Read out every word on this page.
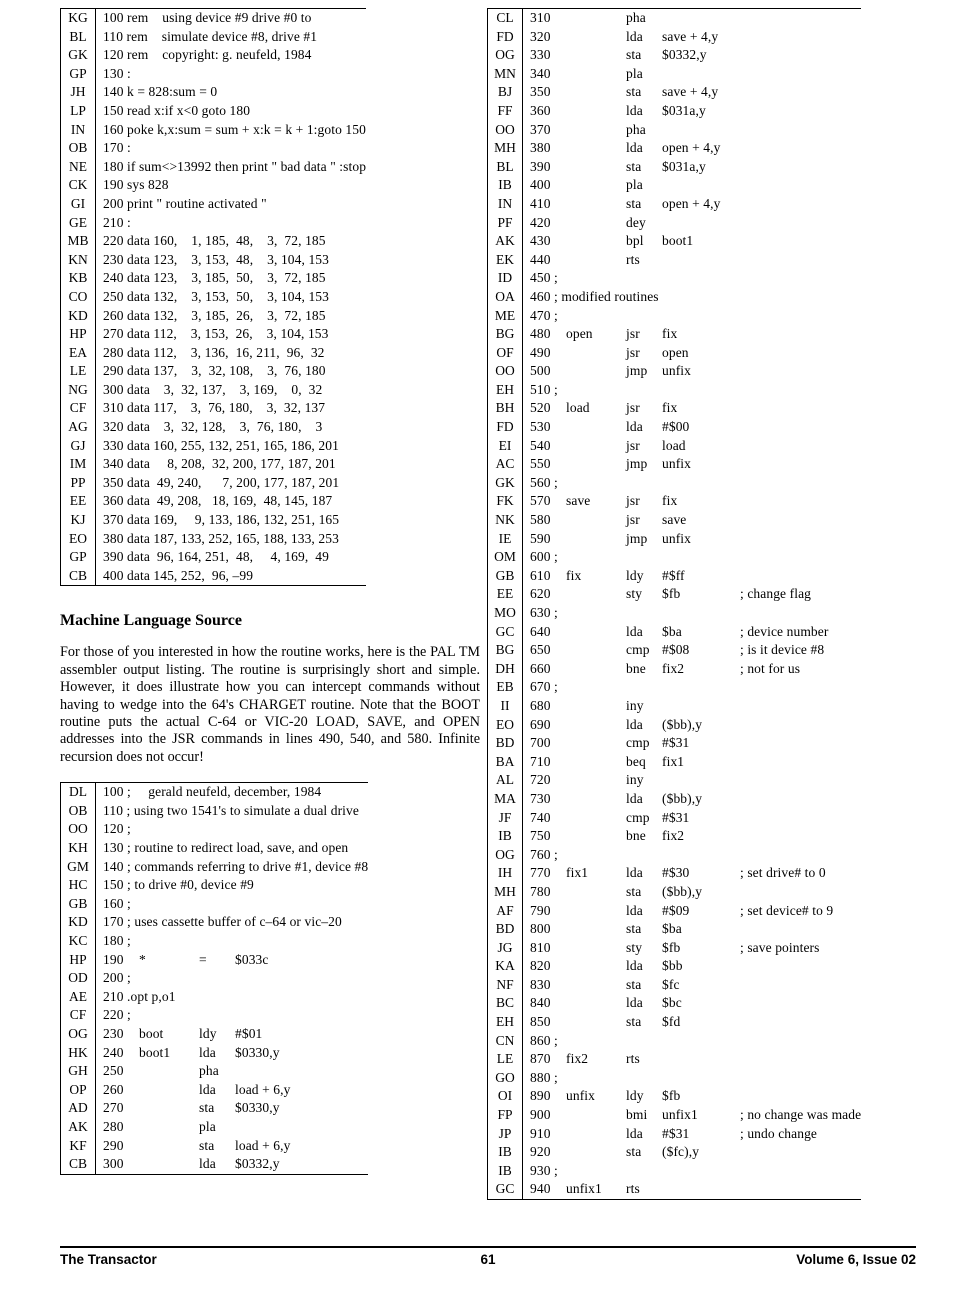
KG	100 rem    using device #9 drive #0 to
BL	110 rem    simulate device #8, drive #1
GK	120 rem    copyright: g. neufeld, 1984
GP	130 :
JH	140 k = 828:sum = 0
LP	150 read x:if x<0 goto 180
IN	160 poke k,x:sum = sum + x:k = k + 1:goto 150
OB	170 :
NE	180 if sum<>13992 then print " bad data " :stop
CK	190 sys 828
GI	200 print " routine activated "
GE	210 :
MB	220 data 160,    1, 185,  48,    3,  72, 185
KN	230 data 123,    3, 153,  48,    3, 104, 153
KB	240 data 123,    3, 185,  50,    3,  72, 185
CO	250 data 132,    3, 153,  50,    3, 104, 153
KD	260 data 132,    3, 185,  26,    3,  72, 185
HP	270 data 112,    3, 153,  26,    3, 104, 153
EA	280 data 112,    3, 136,  16, 211,  96,  32
LE	290 data 137,    3,  32, 108,    3,  76, 180
NG	300 data    3,  32, 137,    3, 169,    0,  32
CF	310 data 117,    3,  76, 180,    3,  32, 137
AG	320 data    3,  32, 128,    3,  76, 180,    3
GJ	330 data 160, 255, 132, 251, 165, 186, 201
IM	340 data     8, 208,  32, 200, 177, 187, 201
PP	350 data  49, 240,      7, 200, 177, 187, 201
EE	360 data  49, 208,   18, 169,  48, 145, 187
KJ	370 data 169,     9, 133, 186, 132, 251, 165
EO	380 data 187, 133, 252, 165, 188, 133, 253
GP	390 data  96, 164, 251,  48,     4, 169,  49
CB	400 data 145, 252,  96, –99
Machine Language Source

For those of you interested in how the routine works, here is the PAL TM assembler output listing. The routine is surprisingly short and simple. However, it does illustrate how you can intercept commands without having to wedge into the 64's CHARGET routine. Note that the BOOT routine puts the actual C-64 or VIC-20 LOAD, SAVE, and OPEN addresses into the JSR commands in lines 490, 540, and 580. Infinite recursion does not occur!

DL	100 ;     gerald neufeld, december, 1984
OB	110 ; using two 1541's to simulate a dual drive
OO	120 ;
KH	130 ; routine to redirect load, save, and open
GM	140 ; commands referring to drive #1, device #8
HC	150 ; to drive #0, device #9
GB	160 ;
KD	170 ; uses cassette buffer of c–64 or vic–20
KC	180 ;
HP	190 *	= $033c
OD	200 ;
AE	210 .opt p,o1
CF	220 ;
OG	230 boot	ldy #$01
HK	240 boot1 lda $0330,y
GH	250	pha
OP	260	lda load + 6,y
AD	270	sta $0330,y
AK	280	pla
KF	290	sta load + 6,y
CB	300	lda $0332,y
CL	310	pha
FD	320	lda save + 4,y
OG	330	sta $0332,y
MN	340	pla
BJ	350	sta save + 4,y
FF	360	lda $031a,y
OO	370	pha
MH	380	lda open + 4,y
BL	390	sta $031a,y
IB	400	pla
IN	410	sta open + 4,y
PF	420	dey
AK	430	bpl boot1
EK	440	rts
ID	450 ;
OA	460 ; modified routines
ME	470 ;
BG	480 open jsr fix
OF	490	jsr open
OO	500	jmp unfix
EH	510 ;
BH	520 load	jsr fix
FD	530	lda #$00
EI	540	jsr load
AC	550	jmp unfix
GK	560 ;
FK	570 save	jsr fix
NK	580	jsr save
IE	590	jmp unfix
OM	600 ;
GB	610 fix	ldy #$ff
EE	620	sty $fb	; change flag
MO	630 ;
GC	640	lda $ba	; device number
BG	650	cmp #$08	; is it device #8
DH	660	bne fix2	; not for us
EB	670 ;
II	680	iny
EO	690	lda ($bb),y
BD	700	cmp #$31
BA	710	beq fix1
AL	720	iny
MA	730	lda ($bb),y
JF	740	cmp #$31
IB	750	bne fix2
OG	760 ;
IH	770 fix1	lda #$30	; set drive# to 0
MH	780	sta ($bb),y
AF	790	lda #$09	; set device# to 9
BD	800	sta $ba
JG	810	sty $fb	; save pointers
KA	820	lda $bb
NF	830	sta $fc
BC	840	lda $bc
EH	850	sta $fd
CN	860 ;
LE	870 fix2	rts
GO	880 ;
OI	890 unfix ldy $fb
FP	900	bmi unfix1	; no change was made
JP	910	lda #$31	; undo change
IB	920	sta ($fc),y
IB	930 ;
GC	940 unfix1 rts
The Transactor	61	Volume 6, Issue 02
